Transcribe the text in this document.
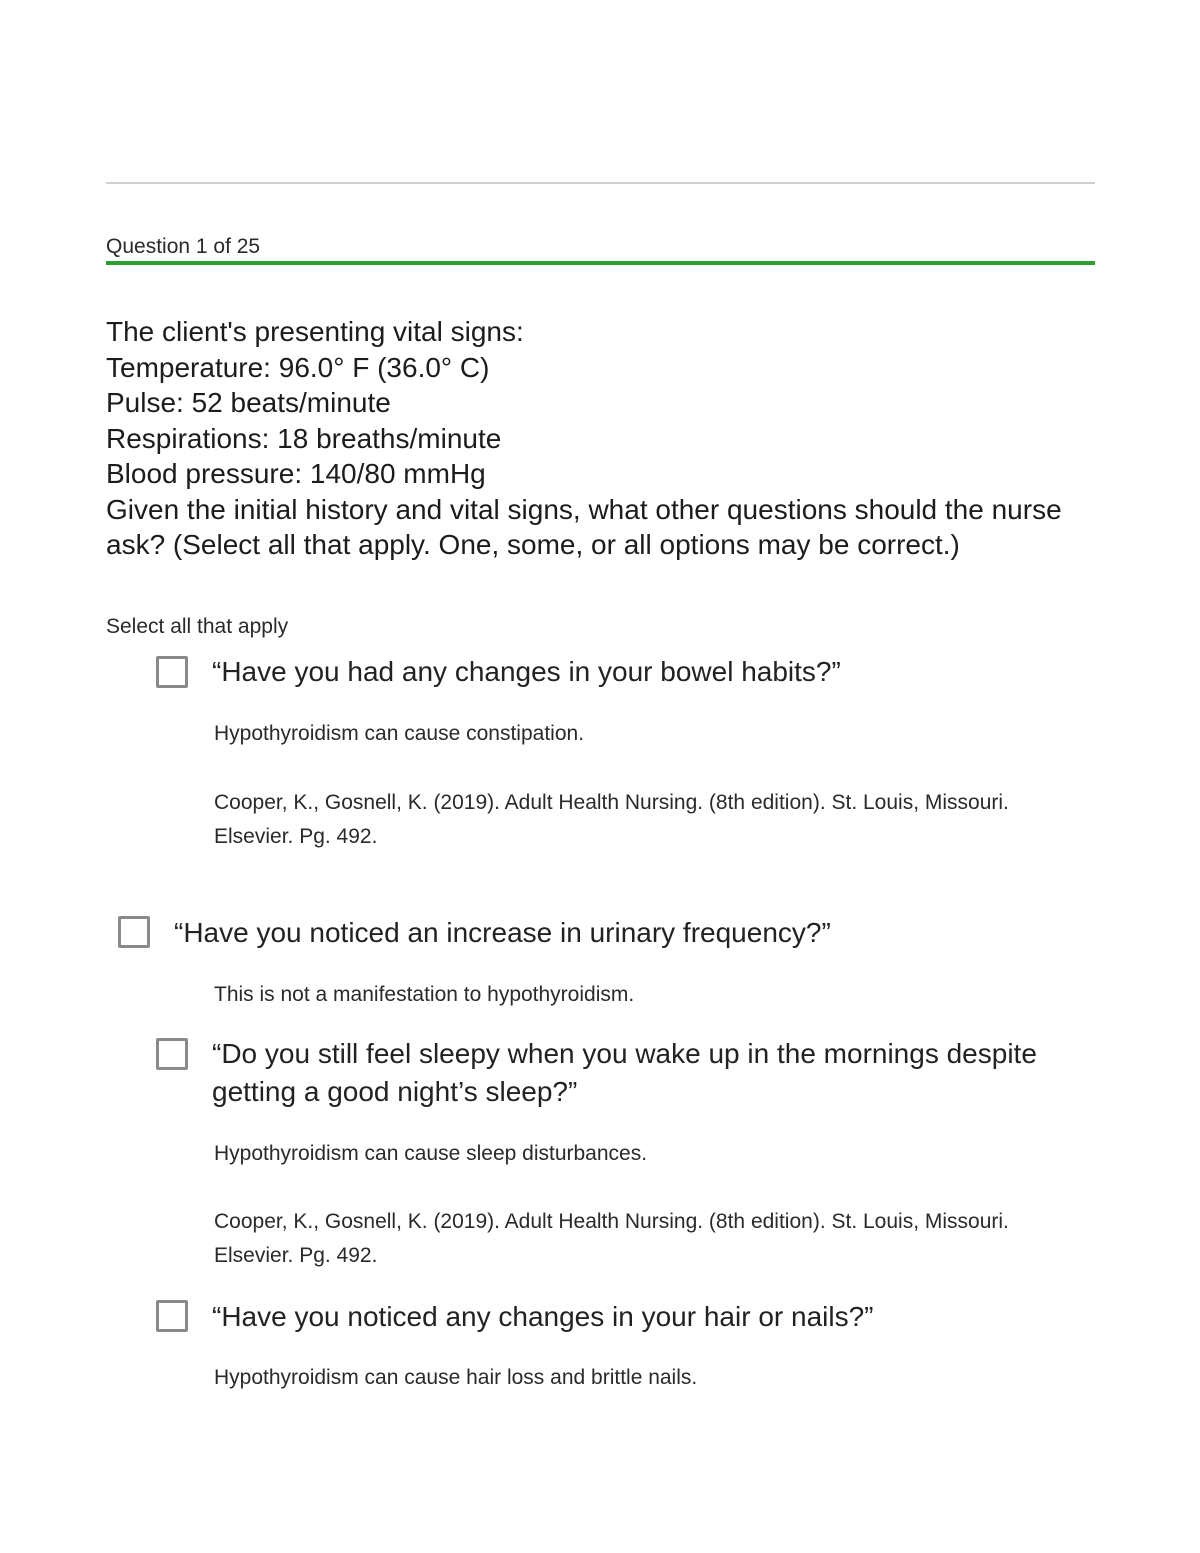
Question 1 of 25
The client's presenting vital signs:
Temperature: 96.0° F (36.0° C)
Pulse: 52 beats/minute
Respirations: 18 breaths/minute
Blood pressure: 140/80 mmHg
Given the initial history and vital signs, what other questions should the nurse ask? (Select all that apply. One, some, or all options may be correct.)
Select all that apply
“Have you had any changes in your bowel habits?”
Hypothyroidism can cause constipation.
Cooper, K., Gosnell, K. (2019). Adult Health Nursing. (8th edition). St. Louis, Missouri. Elsevier. Pg. 492.
“Have you noticed an increase in urinary frequency?”
This is not a manifestation to hypothyroidism.
“Do you still feel sleepy when you wake up in the mornings despite getting a good night’s sleep?”
Hypothyroidism can cause sleep disturbances.
Cooper, K., Gosnell, K. (2019). Adult Health Nursing. (8th edition). St. Louis, Missouri. Elsevier. Pg. 492.
“Have you noticed any changes in your hair or nails?”
Hypothyroidism can cause hair loss and brittle nails.
